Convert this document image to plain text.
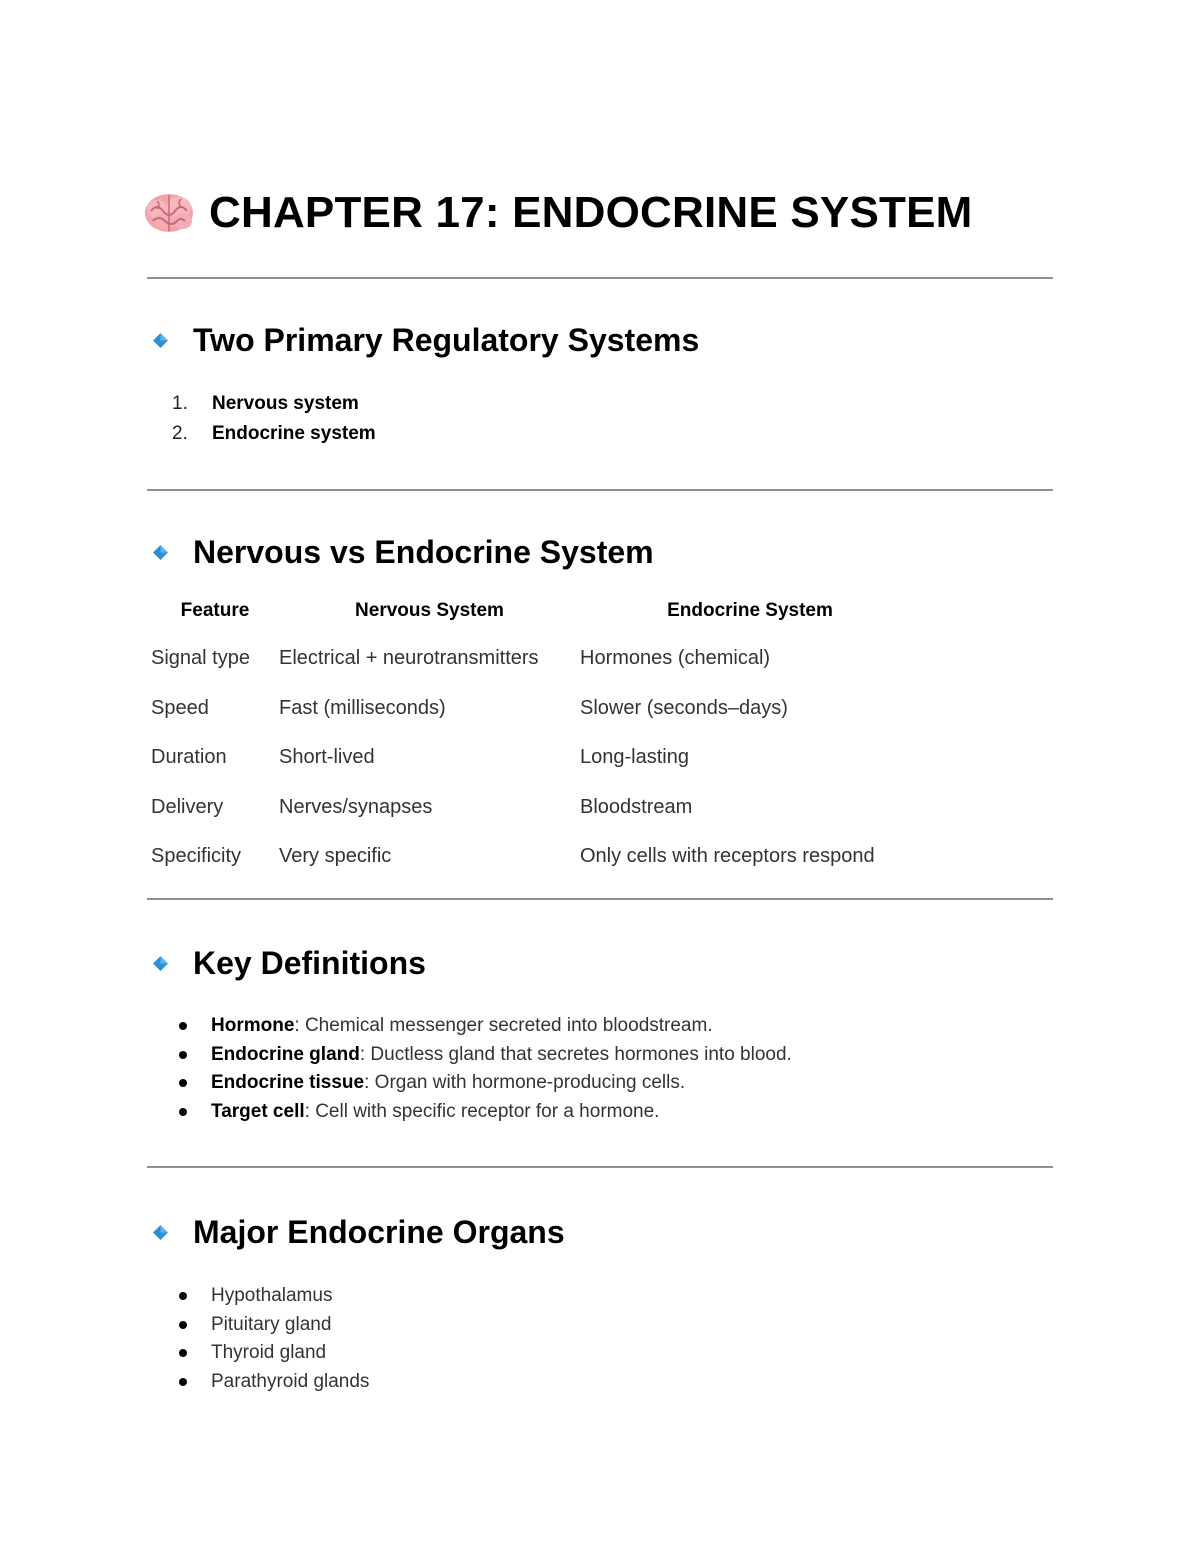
CHAPTER 17: ENDOCRINE SYSTEM
Two Primary Regulatory Systems
1.	Nervous system
2.	Endocrine system
Nervous vs Endocrine System
Feature	Nervous System	Endocrine System
Signal type	Electrical + neurotransmitters	Hormones (chemical)
Speed	Fast (milliseconds)	Slower (seconds–days)
Duration	Short-lived	Long-lasting
Delivery	Nerves/synapses	Bloodstream
Specificity	Very specific	Only cells with receptors respond
Key Definitions
Hormone : Chemical messenger secreted into bloodstream.
Endocrine gland : Ductless gland that secretes hormones into blood.
Endocrine tissue : Organ with hormone-producing cells.
Target cell : Cell with specific receptor for a hormone.
Major Endocrine Organs
Hypothalamus
Pituitary gland
Thyroid gland
Parathyroid glands
